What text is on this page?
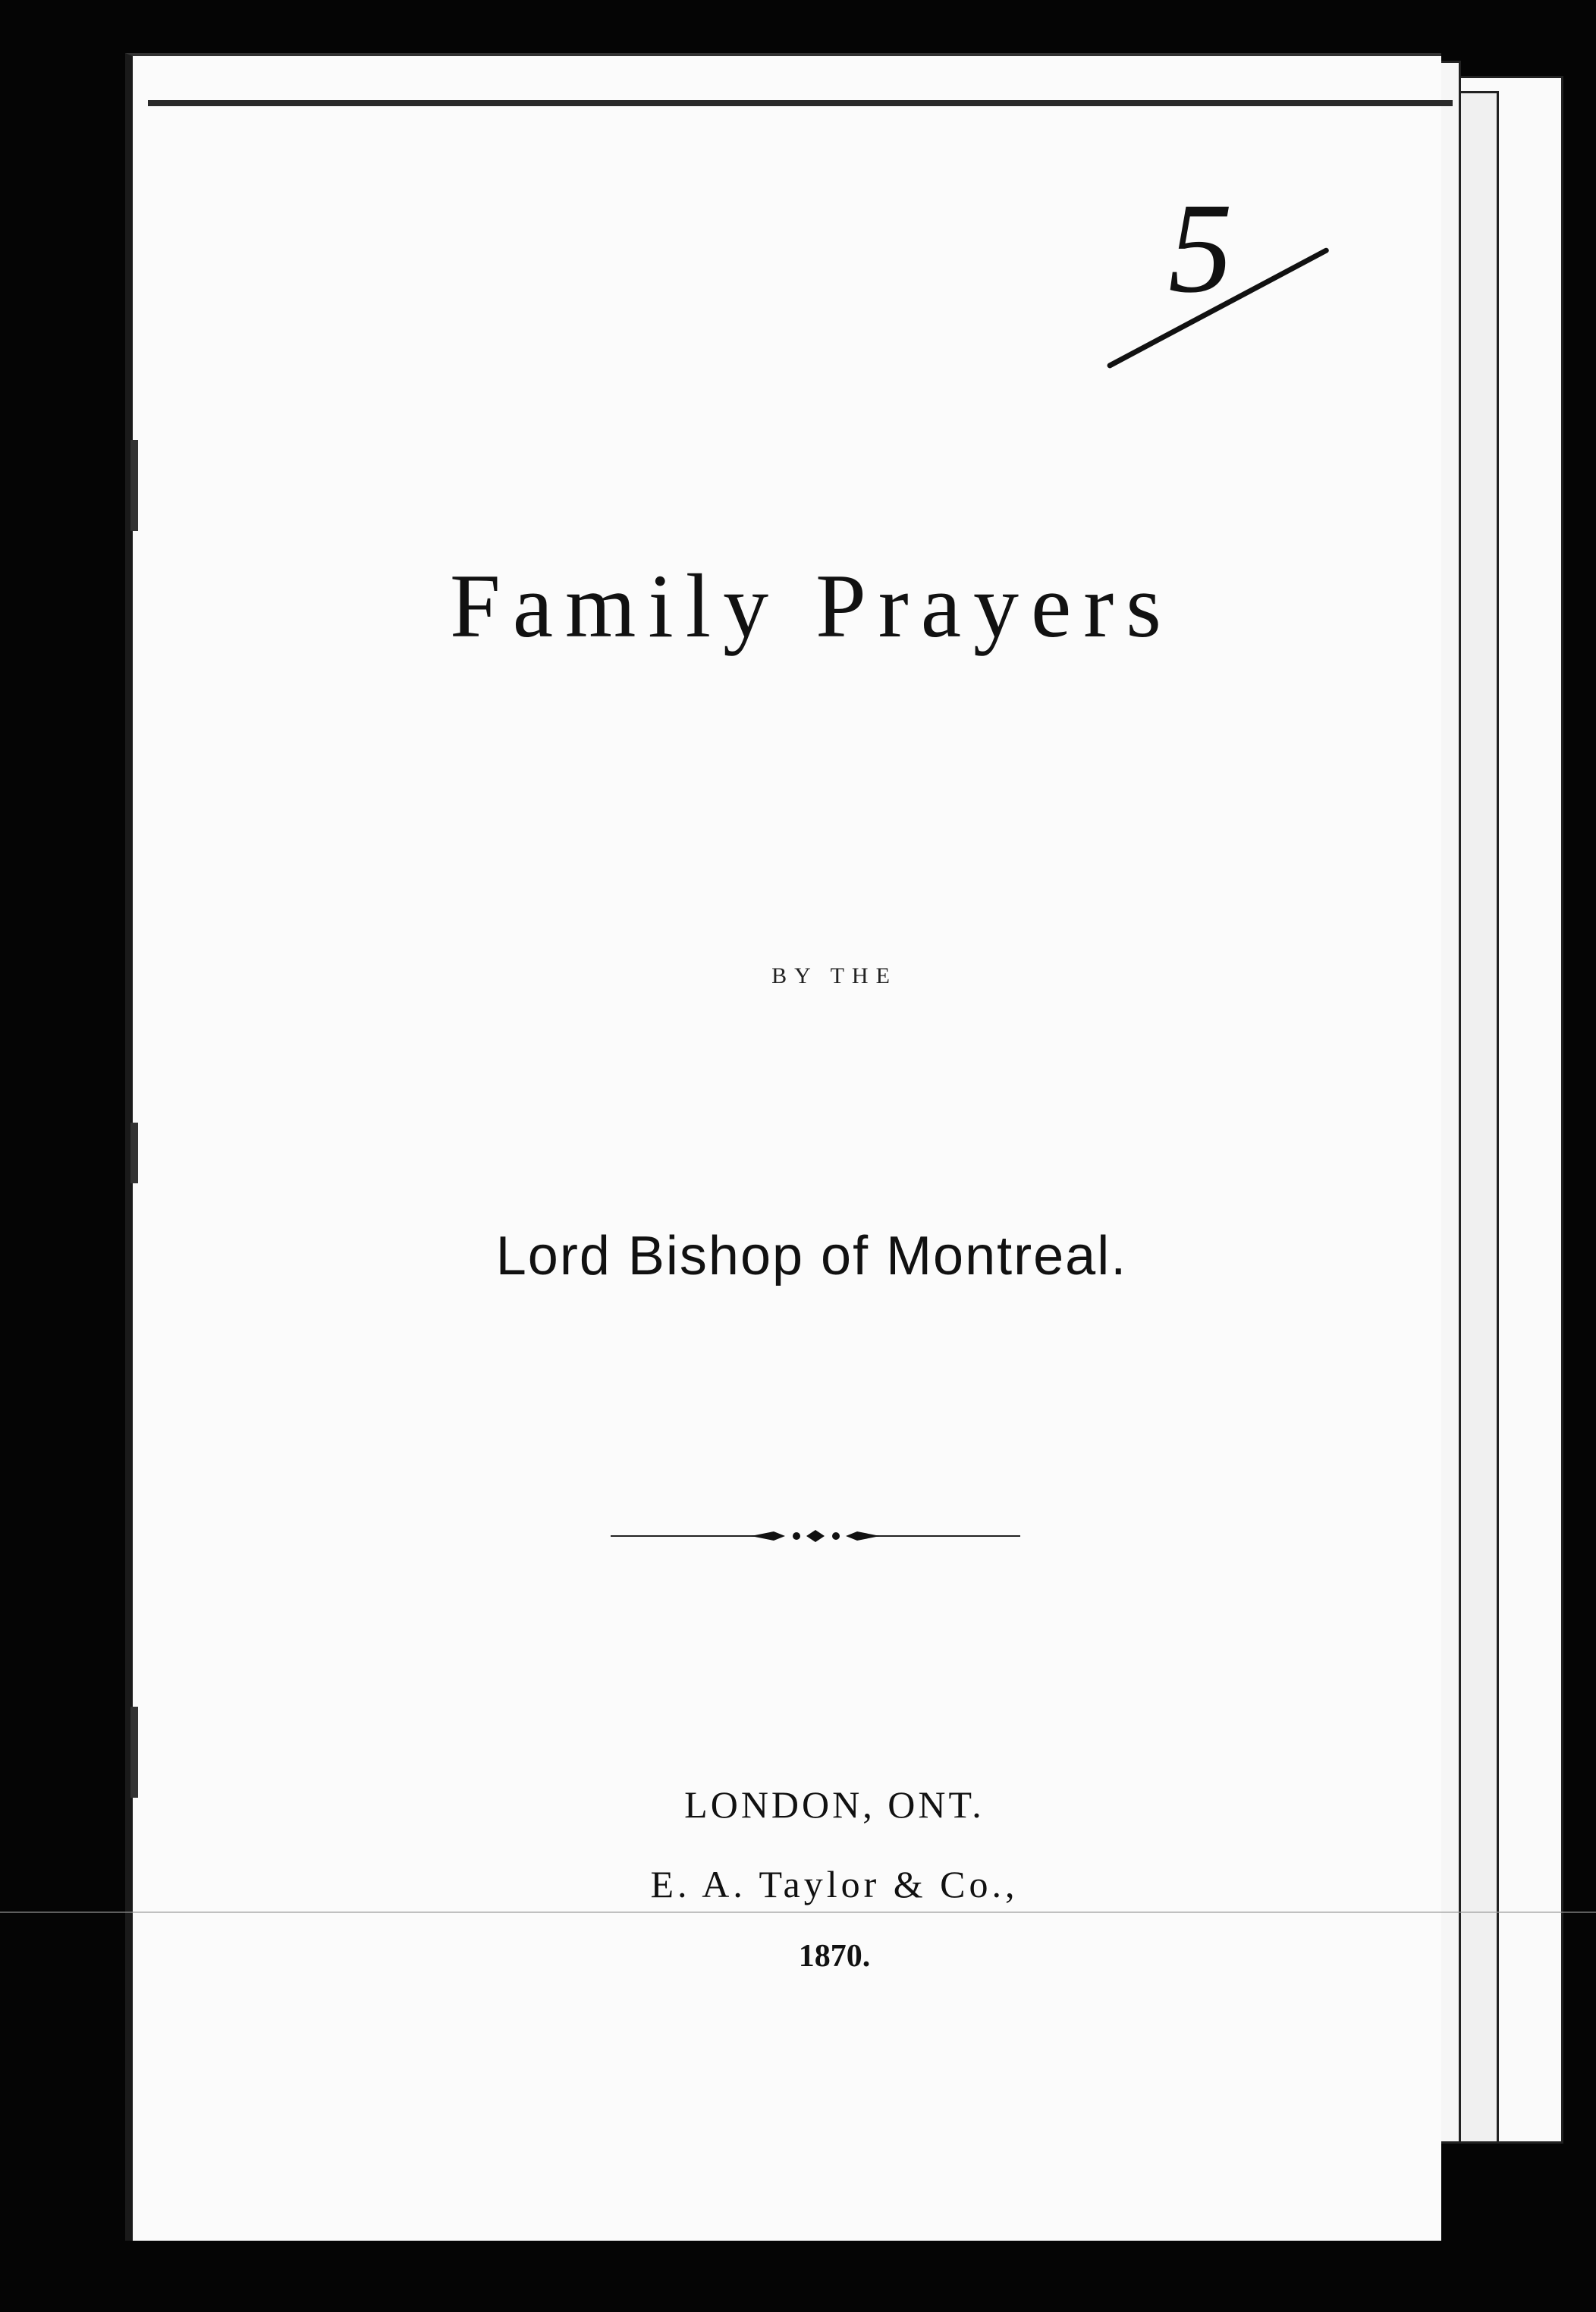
5
Family Prayers
BY THE
Lord Bishop of Montreal.
LONDON, ONT.
E. A. Taylor & Co.,
1870.
